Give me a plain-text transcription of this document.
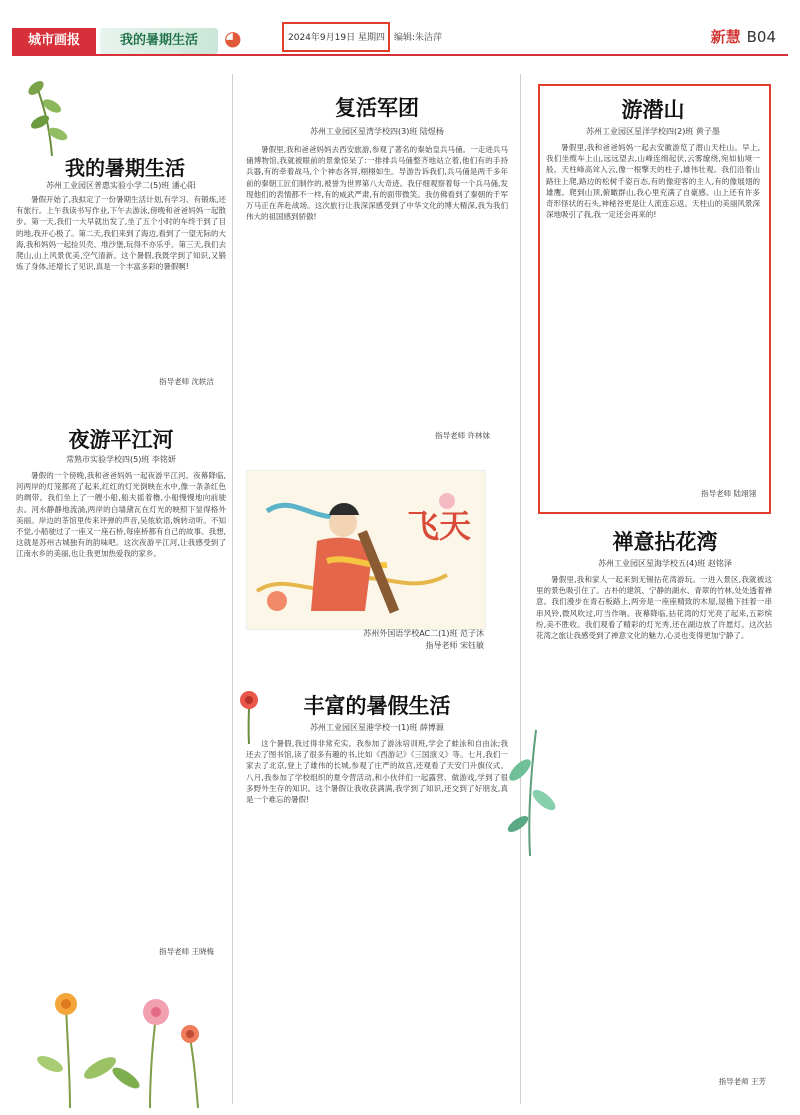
城市画报	我的暑期生活	◕	2024年9月19日 星期四 编辑:朱洁萍	新慧 B04
我的暑期生活
苏州工业园区普惠实验小学二(5)班 潘心阳

暑假开始了,我拟定了一份暑期生活计划,有学习、有锻炼,还有旅行。上午我读书写作业,下午去游泳,傍晚和爸爸妈妈一起散步。第一天,我们一大早就出发了,坐了五个小时的车终于到了目的地,我开心极了。第二天,我们来到了海边,看到了一望无际的大海,我和妈妈一起捡贝壳、堆沙堡,玩得不亦乐乎。第三天,我们去爬山,山上风景优美,空气清新。这个暑假,我既学到了知识,又锻炼了身体,还增长了见识,真是一个丰富多彩的暑假啊!

指导老师 沈轶洁
夜游平江河
常熟市实验学校四(5)班 李铭妍

暑假的一个傍晚,我和爸爸妈妈一起夜游平江河。夜幕降临,河两岸的灯笼都亮了起来,红红的灯光倒映在水中,像一条条红色的绸带。我们坐上了一艘小船,船夫摇着橹,小船慢慢地向前驶去。河水静静地流淌,两岸的白墙黛瓦在灯光的映照下显得格外美丽。岸边的茶馆里传来评弹的声音,吴侬软语,婉转动听。不知不觉,小船驶过了一座又一座石桥,每座桥都有自己的故事。我想,这就是苏州古城独有的韵味吧。这次夜游平江河,让我感受到了江南水乡的美丽,也让我更加热爱我的家乡。

指导老师 王晓梅
复活军团
苏州工业园区星湾学校四(3)班 陆煜杨

暑假里,我和爸爸妈妈去西安旅游,参观了著名的秦始皇兵马俑。一走进兵马俑博物馆,我就被眼前的景象惊呆了:一排排兵马俑整齐地站立着,他们有的手持兵器,有的牵着战马,个个神态各异,栩栩如生。导游告诉我们,兵马俑是两千多年前的秦朝工匠们制作的,被誉为世界第八大奇迹。我仔细观察着每一个兵马俑,发现他们的表情都不一样,有的威武严肃,有的面带微笑。我仿佛看到了秦朝的千军万马正在奔赴战场。这次旅行让我深深感受到了中华文化的博大精深,我为我们伟大的祖国感到骄傲!

指导老师 许林妹
飞天
苏州外国语学校AC二(1)班 范子沐
指导老师 宋钰敏
丰富的暑假生活
苏州工业园区星港学校一(1)班 薛博源

这个暑假,我过得非常充实。我参加了游泳培训班,学会了蛙泳和自由泳;我还去了图书馆,读了很多有趣的书,比如《西游记》《三国演义》等。七月,我们一家去了北京,登上了雄伟的长城,参观了庄严的故宫,还观看了天安门升旗仪式。八月,我参加了学校组织的夏令营活动,和小伙伴们一起露营、做游戏,学到了很多野外生存的知识。这个暑假让我收获满满,我学到了知识,还交到了好朋友,真是一个难忘的暑假!

游潜山
苏州工业园区星洋学校四(2)班 黄子墨

暑假里,我和爸爸妈妈一起去安徽游览了潜山天柱山。早上,我们坐缆车上山,远远望去,山峰连绵起伏,云雾缭绕,宛如仙境一般。天柱峰高耸入云,像一根擎天的柱子,雄伟壮观。我们沿着山路往上爬,路边的松树千姿百态,有的像迎客的主人,有的像展翅的雄鹰。爬到山顶,俯瞰群山,我心里充满了自豪感。山上还有许多奇形怪状的石头,神秘谷更是让人流连忘返。天柱山的美丽风景深深地吸引了我,我一定还会再来的!

指导老师 陆翊翎
禅意拈花湾
苏州工业园区星海学校五(4)班 赵铭泽

暑假里,我和家人一起来到无锡拈花湾游玩。一进入景区,我就被这里的景色吸引住了。古朴的建筑、宁静的湖水、青翠的竹林,处处透着禅意。我们漫步在青石板路上,两旁是一座座精致的木屋,屋檐下挂着一串串风铃,微风吹过,叮当作响。夜幕降临,拈花湾的灯光亮了起来,五彩缤纷,美不胜收。我们观看了精彩的灯光秀,还在湖边放了许愿灯。这次拈花湾之旅让我感受到了禅意文化的魅力,心灵也变得更加宁静了。

指导老师 王芳
